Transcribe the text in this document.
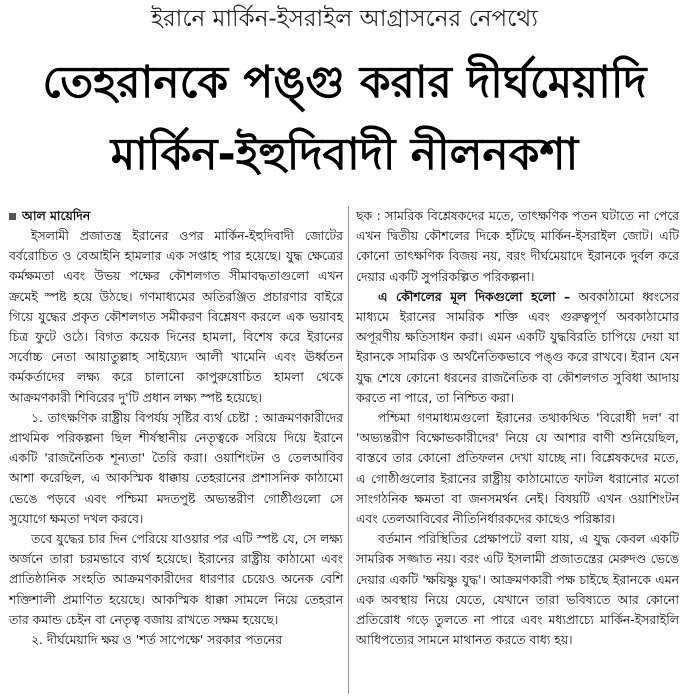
ইরানে মার্কিন-ইসরাইল আগ্রাসনের নেপথ্যে
তেহরানকে পঙ্গু করার দীর্ঘমেয়াদি
মার্কিন-ইহুদিবাদী নীলনকশা
আল মায়েদিন

ইসলামী প্রজাতন্ত্র ইরানের ওপর মার্কিন-ইহুদিবাদী জোটের বর্বরোচিত ও বেআইনি হামলার এক সপ্তাহ পার হয়েছে। যুদ্ধ ক্ষেত্রের কর্মক্ষমতা এবং উভয় পক্ষের কৌশলগত সীমাবদ্ধতাগুলো এখন ক্রমেই স্পষ্ট হয়ে উঠছে। গণমাধ্যমের অতিরঞ্জিত প্রচারণার বাইরে গিয়ে যুদ্ধের প্রকৃত কৌশলগত সমীকরণ বিশ্লেষণ করলে এক ভয়াবহ চিত্র ফুটে ওঠে। বিগত কয়েক দিনের হামলা, বিশেষ করে ইরানের সর্বোচ্চ নেতা আয়াতুল্লাহ সাইয়্যেদ আলী খামেনি এবং ঊর্ধ্বতন কর্মকর্তাদের লক্ষ্য করে চালানো কাপুরুষোচিত হামলা থেকে আক্রমণকারী শিবিরের দু'টি প্রধান লক্ষ্য স্পষ্ট হয়েছে।

১. তাৎক্ষণিক রাষ্ট্রীয় বিপর্যয় সৃষ্টির ব্যর্থ চেষ্টা : আক্রমণকারীদের প্রাথমিক পরিকল্পনা ছিল শীর্ষস্থানীয় নেতৃত্বকে সরিয়ে দিয়ে ইরানে একটি 'রাজনৈতিক শূন্যতা' তৈরি করা। ওয়াশিংটন ও তেলআবিব আশা করেছিল, এ আকস্মিক ধাক্কায় তেহরানের প্রশাসনিক কাঠামো ভেঙে পড়বে এবং পশ্চিমা মদতপুষ্ট অভ্যন্তরীণ গোষ্ঠীগুলো সে সুযোগে ক্ষমতা দখল করবে।

তবে যুদ্ধের চার দিন পেরিয়ে যাওয়ার পর এটি স্পষ্ট যে, সে লক্ষ্য অর্জনে তারা চরমভাবে ব্যর্থ হয়েছে। ইরানের রাষ্ট্রীয় কাঠামো এবং প্রাতিষ্ঠানিক সংহতি আক্রমণকারীদের ধারণার চেয়েও অনেক বেশি শক্তিশালী প্রমাণিত হয়েছে। আকস্মিক ধাক্কা সামলে নিয়ে তেহরান তার কমান্ড চেইন বা নেতৃত্ব বজায় রাখতে সক্ষম হয়েছে।

২. দীর্ঘমেয়াদি ক্ষয় ও 'শর্ত সাপেক্ষে' সরকার পতনের

ছক : সামরিক বিশ্লেষকদের মতে, তাৎক্ষণিক পতন ঘটাতে না পেরে এখন দ্বিতীয় কৌশলের দিকে হাঁটছে মার্কিন-ইসরাইল জোট। এটি কোনো তাৎক্ষণিক বিজয় নয়, বরং দীর্ঘমেয়াদে ইরানকে দুর্বল করে দেয়ার একটি সুপরিকল্পিত পরিকল্পনা।

এ কৌশলের মূল দিকগুলো হলো – অবকাঠামো ধ্বংসের মাধ্যমে ইরানের সামরিক শক্তি এবং গুরুত্বপূর্ণ অবকাঠামোর অপূরণীয় ক্ষতিসাধন করা। এমন একটি যুদ্ধবিরতি চাপিয়ে দেয়া যা ইরানকে সামরিক ও অর্থনৈতিকভাবে পঙ্গু করে রাখবে। ইরান যেন যুদ্ধ শেষে কোনো ধরনের রাজনৈতিক বা কৌশলগত সুবিধা আদায় করতে না পারে, তা নিশ্চিত করা।

পশ্চিমা গণমাধ্যমগুলো ইরানের তথাকথিত 'বিরোধী দল' বা 'অভ্যন্তরীণ বিক্ষোভকারীদের' নিয়ে যে আশার বাণী শুনিয়েছিল, বাস্তবে তার কোনো প্রতিফলন দেখা যাচ্ছে না। বিশ্লেষকদের মতে, এ গোষ্ঠীগুলোর ইরানের রাষ্ট্রীয় কাঠামোতে ফাটল ধরানোর মতো সাংগঠনিক ক্ষমতা বা জনসমর্থন নেই। বিষয়টি এখন ওয়াশিংটন এবং তেলআবিবের নীতিনির্ধারকদের কাছেও পরিষ্কার।

বর্তমান পরিস্থিতির প্রেক্ষাপটে বলা যায়, এ যুদ্ধ কেবল একটি সামরিক সজ্জাত নয়। বরং এটি ইসলামী প্রজাতন্ত্রের মেরুদণ্ড ভেঙে দেয়ার একটি 'ক্ষয়িষ্ণু যুদ্ধ'। আক্রমণকারী পক্ষ চাইছে ইরানকে এমন এক অবস্থায় নিয়ে যেতে, যেখানে তারা ভবিষ্যতে আর কোনো প্রতিরোধ গড়ে তুলতে না পারে এবং মধ্যপ্রাচ্যে মার্কিন-ইসরাইলি আধিপত্যের সামনে মাথানত করতে বাধ্য হয়।
